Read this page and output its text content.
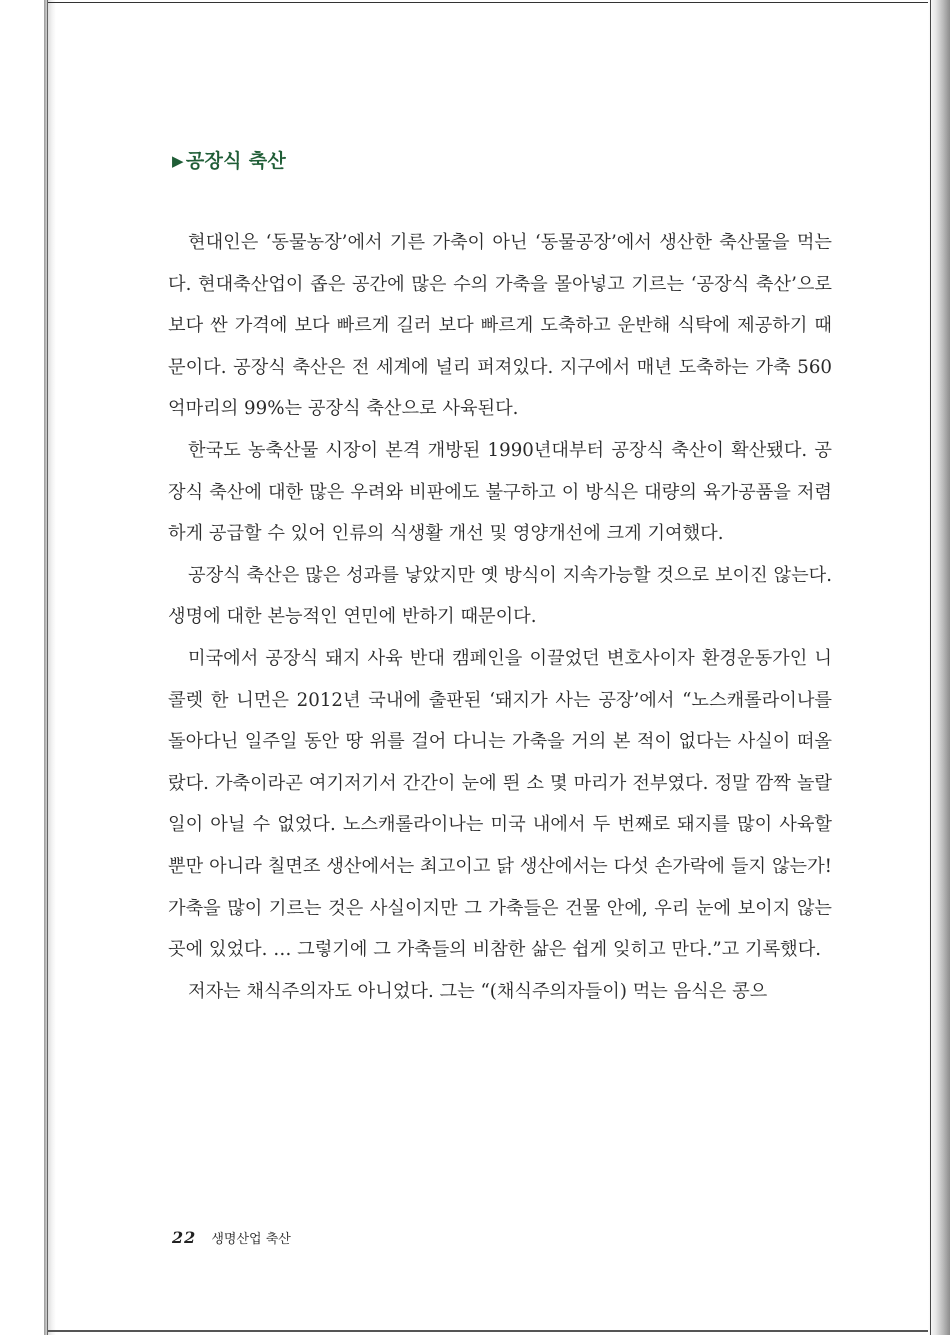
▶ 공장식 축산

현대인은 ‘동물농장’에서 기른 가축이 아닌 ‘동물공장’에서 생산한 축산물을 먹는다. 현대축산업이 좁은 공간에 많은 수의 가축을 몰아넣고 기르는 ‘공장식 축산’으로 보다 싼 가격에 보다 빠르게 길러 보다 빠르게 도축하고 운반해 식탁에 제공하기 때문이다. 공장식 축산은 전 세계에 널리 퍼져있다. 지구에서 매년 도축하는 가축 560억마리의 99%는 공장식 축산으로 사육된다.

한국도 농축산물 시장이 본격 개방된 1990년대부터 공장식 축산이 확산됐다. 공장식 축산에 대한 많은 우려와 비판에도 불구하고 이 방식은 대량의 육가공품을 저렴하게 공급할 수 있어 인류의 식생활 개선 및 영양개선에 크게 기여했다.

공장식 축산은 많은 성과를 낳았지만 옛 방식이 지속가능할 것으로 보이진 않는다. 생명에 대한 본능적인 연민에 반하기 때문이다.

미국에서 공장식 돼지 사육 반대 캠페인을 이끌었던 변호사이자 환경운동가인 니콜렛 한 니먼은 2012년 국내에 출판된 ‘돼지가 사는 공장’에서 “노스캐롤라이나를 돌아다닌 일주일 동안 땅 위를 걸어 다니는 가축을 거의 본 적이 없다는 사실이 떠올랐다. 가축이라곤 여기저기서 간간이 눈에 띈 소 몇 마리가 전부였다. 정말 깜짝 놀랄 일이 아닐 수 없었다. 노스캐롤라이나는 미국 내에서 두 번째로 돼지를 많이 사육할 뿐만 아니라 칠면조 생산에서는 최고이고 닭 생산에서는 다섯 손가락에 들지 않는가! 가축을 많이 기르는 것은 사실이지만 그 가축들은 건물 안에, 우리 눈에 보이지 않는 곳에 있었다. … 그렇기에 그 가축들의 비참한 삶은 쉽게 잊히고 만다.”고 기록했다.

저자는 채식주의자도 아니었다. 그는 “(채식주의자들이) 먹는 음식은 콩으

22 생명산업 축산
